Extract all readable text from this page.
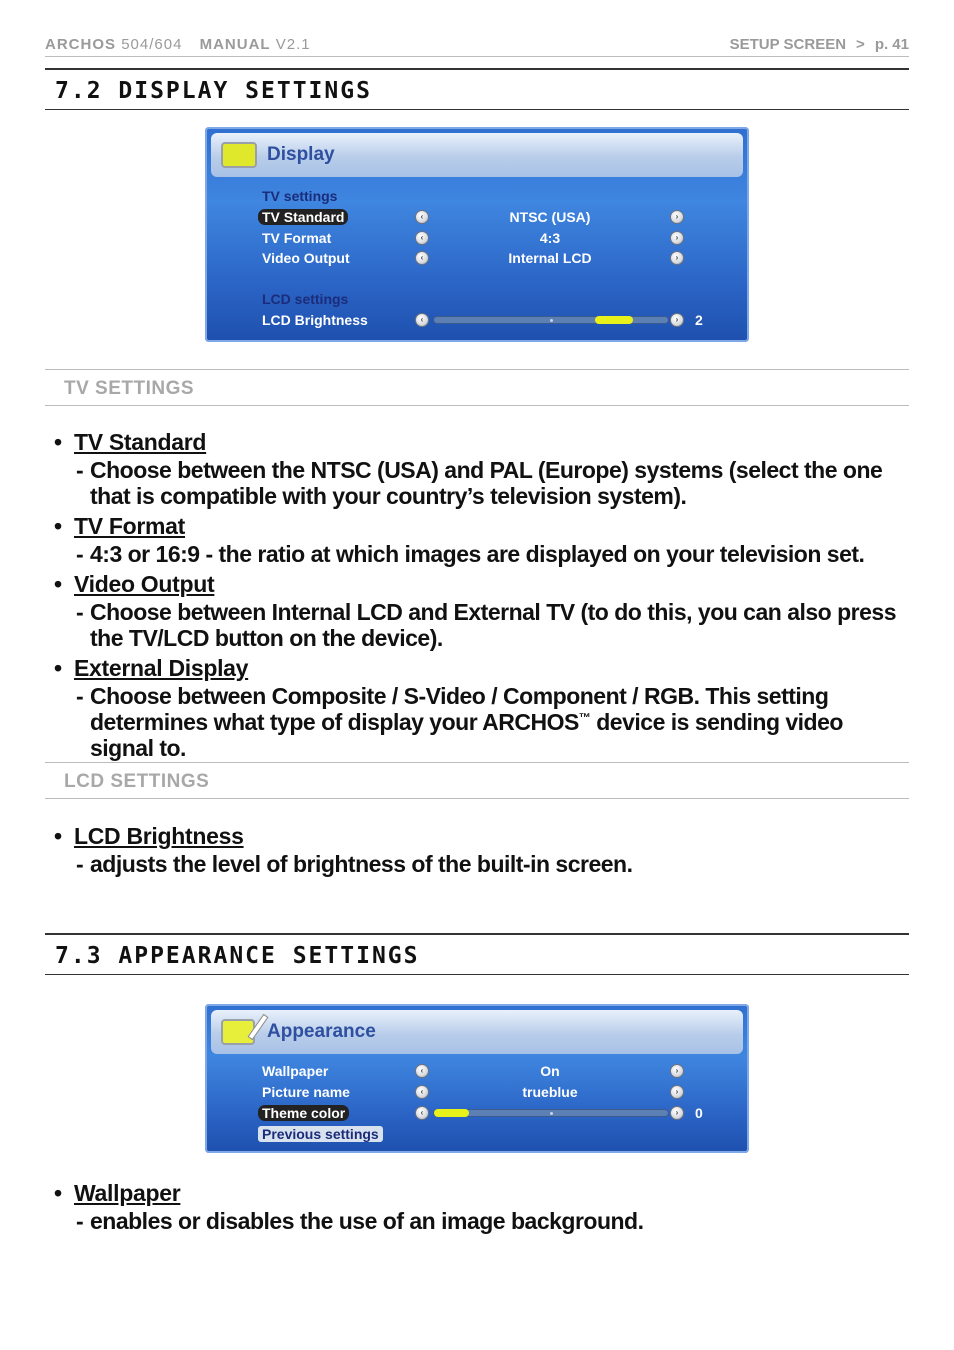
ARCHOS 504/604 MANUAL V2.1	SETUP SCREEN > p. 41
7.2 DISPLAY SETTINGS
Display
TV settings
TV Standard	‹	NTSC (USA)	›
TV Format	‹	4:3	›
Video Output	‹	Internal LCD	›
LCD settings
LCD Brightness	‹	›	2
TV SETTINGS
• TV Standard
- Choose between the NTSC (USA) and PAL (Europe) systems (select the one that is compatible with your country’s television system).
• TV Format
- 4:3 or 16:9 - the ratio at which images are displayed on your television set.
• Video Output
- Choose between Internal LCD and External TV (to do this, you can also press the TV/LCD button on the device).
• External Display
- Choose between Composite / S-Video / Component / RGB. This setting determines what type of display your ARCHOS™ device is sending video signal to.
LCD SETTINGS
• LCD Brightness
- adjusts the level of brightness of the built-in screen.
7.3 APPEARANCE SETTINGS
Appearance
Wallpaper	‹	On	›
Picture name	‹	trueblue	›
Theme color	‹	›	0
Previous settings
• Wallpaper
- enables or disables the use of an image background.
